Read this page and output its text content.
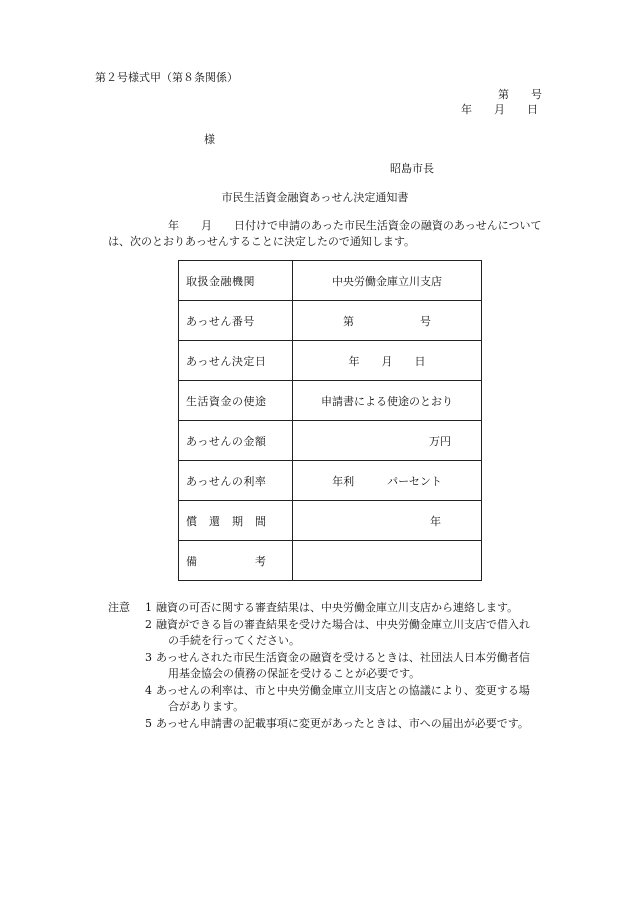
第２号様式甲（第８条関係）
第　　号
年　　月　　日
様
昭島市長
市民生活資金融資あっせん決定通知書
年　　月　　日付けで申請のあった市民生活資金の融資のあっせんについて
は、次のとおりあっせんすることに決定したので通知します。
取扱金融機関	中央労働金庫立川支店
あっせん番号	第　　　　　　号
あっせん決定日	年　　月　　日
生活資金の使途	申請書による使途のとおり
あっせんの金額	万円
あっせんの利率	年利　　　パーセント
償　還　期　間	年
備　　　　　考	
注意 1 融資の可否に関する審査結果は、中央労働金庫立川支店から連絡します。
2 融資ができる旨の審査結果を受けた場合は、中央労働金庫立川支店で借入れ
の手続を行ってください。
3 あっせんされた市民生活資金の融資を受けるときは、社団法人日本労働者信
用基金協会の債務の保証を受けることが必要です。
4 あっせんの利率は、市と中央労働金庫立川支店との協議により、変更する場
合があります。
5 あっせん申請書の記載事項に変更があったときは、市への届出が必要です。
